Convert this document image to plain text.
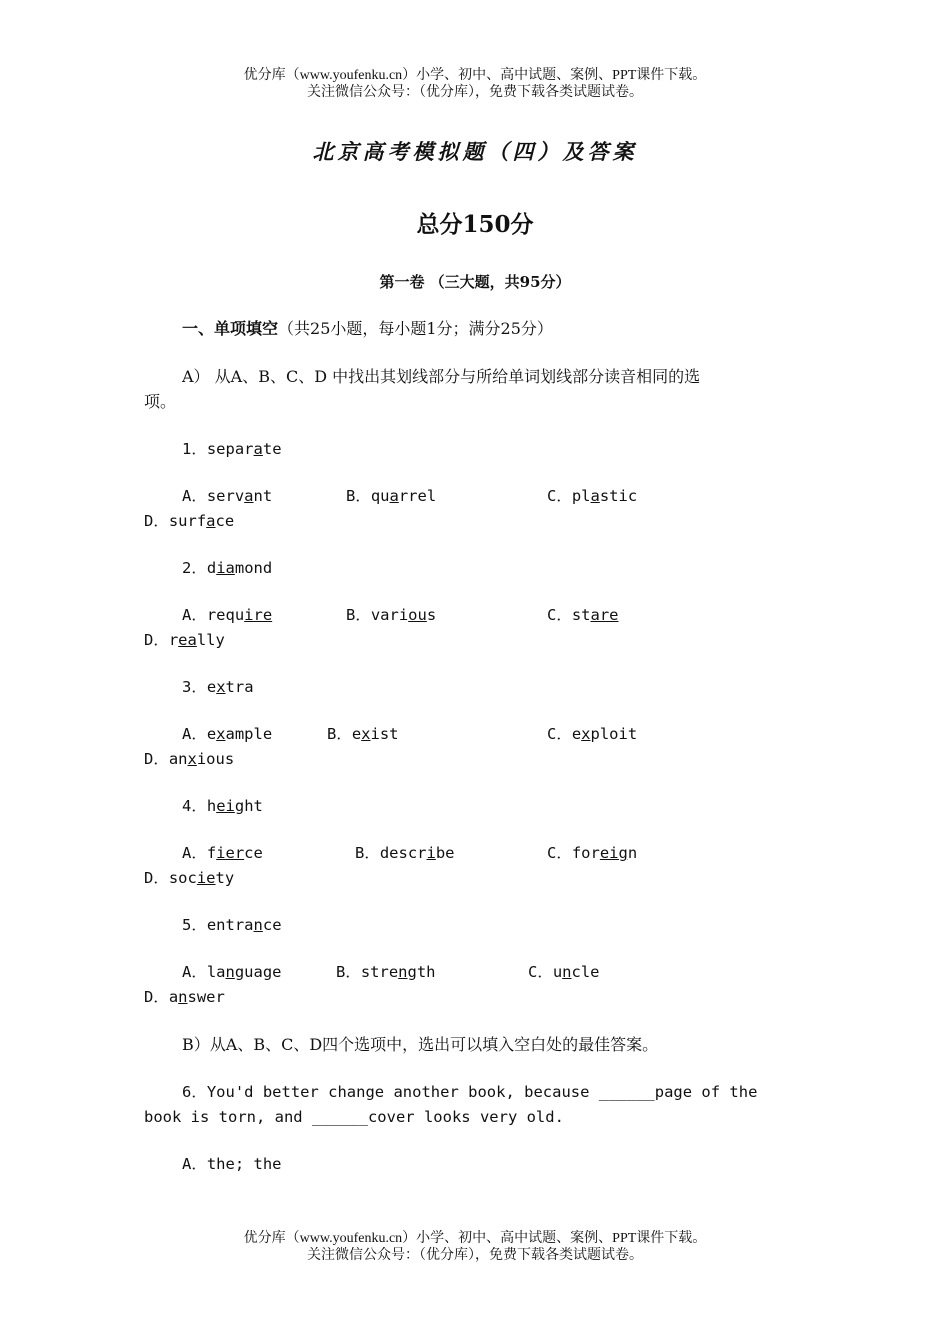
优分库（www.youfenku.cn）小学、初中、高中试题、案例、PPT课件下载。
关注微信公众号：（优分库），免费下载各类试题试卷。
北京高考模拟题（四）及答案
总分150分
第一卷 （三大题，共95分）
一、单项填空（共25小题，每小题1分；满分25分）
A） 从A、B、C、D 中找出其划线部分与所给单词划线部分读音相同的选
项。
1．separate
A．servant	B．quarrel	C．plastic
D．surface
2．diamond
A．require	B．various	C．stare
D．really
3．extra
A．example	B．exist	C．exploit
D．anxious
4．height
A．fierce	B．describe	C．foreign
D．society
5．entrance
A．language	B．strength	C．uncle
D．answer
B）从A、B、C、D四个选项中，选出可以填入空白处的最佳答案。
6．You'd better change another book, because ______page of the
book is torn, and ______cover looks very old.
A．the; the
优分库（www.youfenku.cn）小学、初中、高中试题、案例、PPT课件下载。
关注微信公众号：（优分库），免费下载各类试题试卷。
